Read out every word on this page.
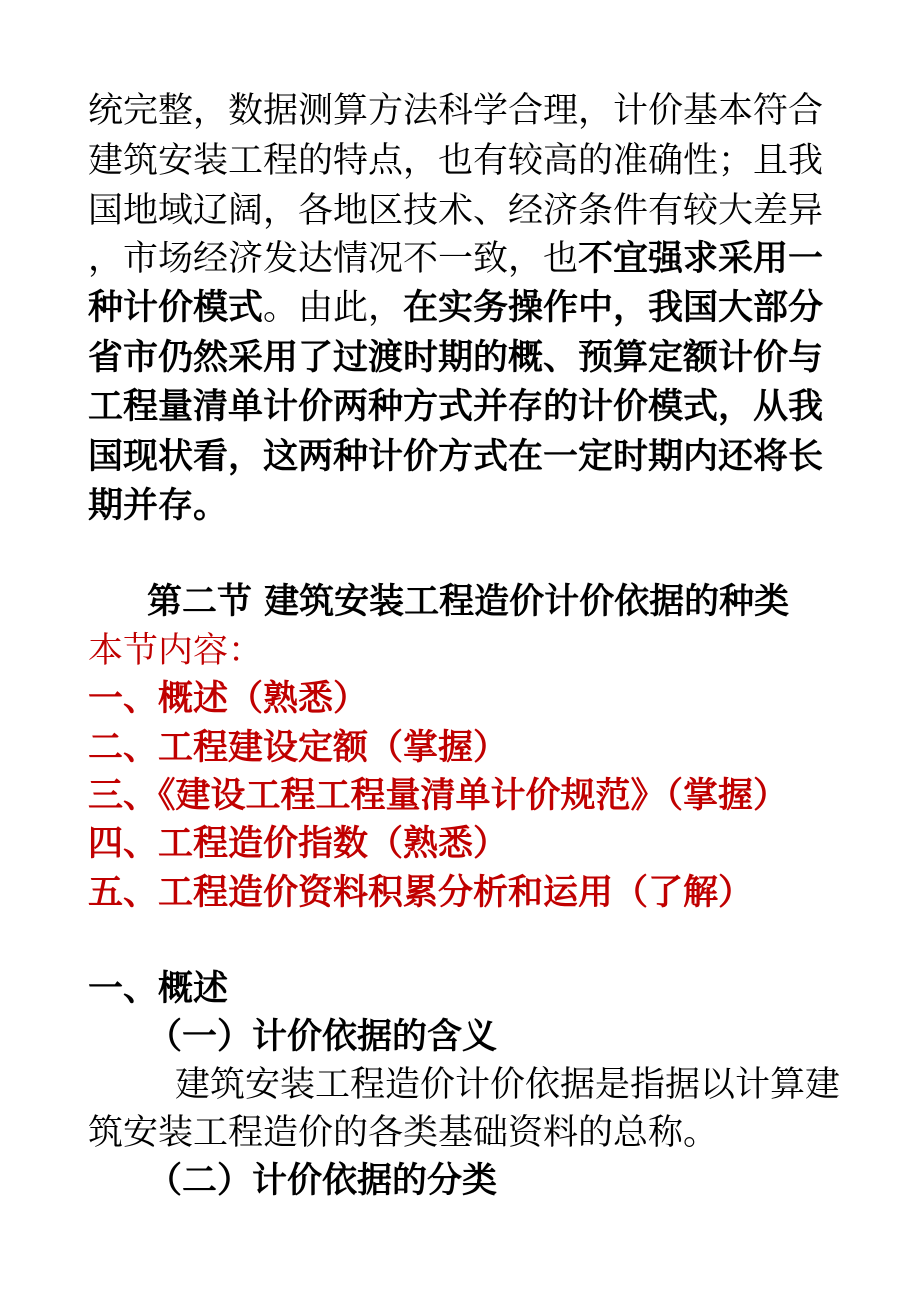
统完整，数据测算方法科学合理，计价基本符合
建筑安装工程的特点，也有较高的准确性；且我
国地域辽阔，各地区技术、经济条件有较大差异
，市场经济发达情况不一致，也不宜强求采用一
种计价模式。由此，在实务操作中，我国大部分
省市仍然采用了过渡时期的概、预算定额计价与
工程量清单计价两种方式并存的计价模式，从我
国现状看，这两种计价方式在一定时期内还将长
期并存。
第二节 建筑安装工程造价计价依据的种类
本节内容：
一、概述（熟悉）
二、工程建设定额（掌握）
三、《建设工程工程量清单计价规范》（掌握）
四、工程造价指数（熟悉）
五、工程造价资料积累分析和运用（了解）
一、概述
（一）计价依据的含义
建筑安装工程造价计价依据是指据以计算建
筑安装工程造价的各类基础资料的总称。
（二）计价依据的分类
